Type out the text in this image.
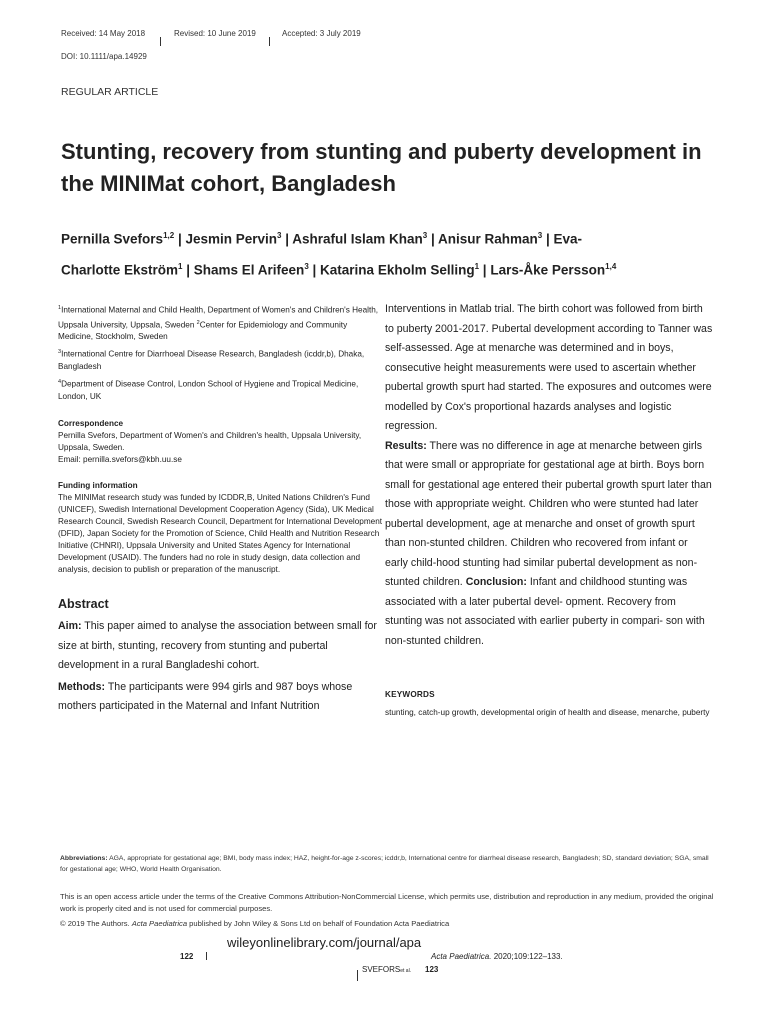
Received: 14 May 2018	Revised: 10 June 2019	Accepted: 3 July 2019
DOI: 10.1111/apa.14929
REGULAR ARTICLE
Stunting, recovery from stunting and puberty development in
the MINIMat cohort, Bangladesh
Pernilla Svefors$^{1,2}$ | Jesmin Pervin$^3$ | Ashraful Islam Khan$^3$ | Anisur Rahman$^3$ | Eva-
Charlotte Ekström$^1$ | Shams El Arifeen$^3$ | Katarina Ekholm Selling$^1$ | Lars-Åke Persson$^{1,4}$

$^1$International Maternal and Child Health, Department of Women's and Children's Health, Uppsala University, Uppsala, Sweden $^2$Center for Epidemiology and Community Medicine, Stockholm, Sweden

$^3$International Centre for Diarrhoeal Disease Research, Bangladesh (icddr,b), Dhaka, Bangladesh

$^4$Department of Disease Control, London School of Hygiene and Tropical Medicine, London, UK

Correspondence

Pernilla Svefors, Department of Women's and Children's health, Uppsala University, Uppsala, Sweden.

Email: pernilla.svefors@kbh.uu.se

Funding information

The MINIMat research study was funded by ICDDR,B, United Nations Children's Fund (UNICEF), Swedish International Development Cooperation Agency (Sida), UK Medical Research Council, Swedish Research Council, Department for International Development (DFID), Japan Society for the Promotion of Science, Child Health and Nutrition Research Initiative (CHNRI), Uppsala University and United States Agency for International Development (USAID). The funders had no role in study design, data collection and analysis, decision to publish or preparation of the manuscript.

Abstract

Aim: This paper aimed to analyse the association between small for size at birth, stunting, recovery from stunting and pubertal development in a rural Bangladeshi cohort.

Methods: The participants were 994 girls and 987 boys whose mothers participated in the Maternal and Infant Nutrition

Interventions in Matlab trial. The birth cohort was followed from birth to puberty 2001-2017. Pubertal development according to Tanner was self-assessed. Age at menarche was determined and in boys, consecutive height measurements were used to ascertain whether pubertal growth spurt had started. The exposures and outcomes were modelled by Cox's proportional hazards analyses and logistic regression.

Results: There was no difference in age at menarche between girls that were small or appropriate for gestational age at birth. Boys born small for gestational age entered their pubertal growth spurt later than those with appropriate weight. Children who were stunted had later pubertal development, age at menarche and onset of growth spurt than non-stunted children. Children who recovered from infant or early child-hood stunting had similar pubertal development as non-stunted children. Conclusion: Infant and childhood stunting was associated with a later pubertal devel- opment. Recovery from stunting was not associated with earlier puberty in compari- son with non-stunted children.

KEYWORDS
stunting, catch-up growth, developmental origin of health and disease, menarche, puberty
Abbreviations: AGA, appropriate for gestational age; BMI, body mass index; HAZ, height-for-age z-scores; icddr,b, International centre for diarrheal disease research, Bangladesh; SD, standard deviation; SGA, small for gestational age; WHO, World Health Organisation.
This is an open access article under the terms of the Creative Commons Attribution-NonCommercial License, which permits use, distribution and reproduction in any medium, provided the original work is properly cited and is not used for commercial purposes.
© 2019 The Authors. Acta Paediatrica published by John Wiley & Sons Ltd on behalf of Foundation Acta Paediatrica
wileyonlinelibrary.com/journal/apa
122	Acta Paediatrica. 2020;109:122–133.
SVEFORSet al. 123
